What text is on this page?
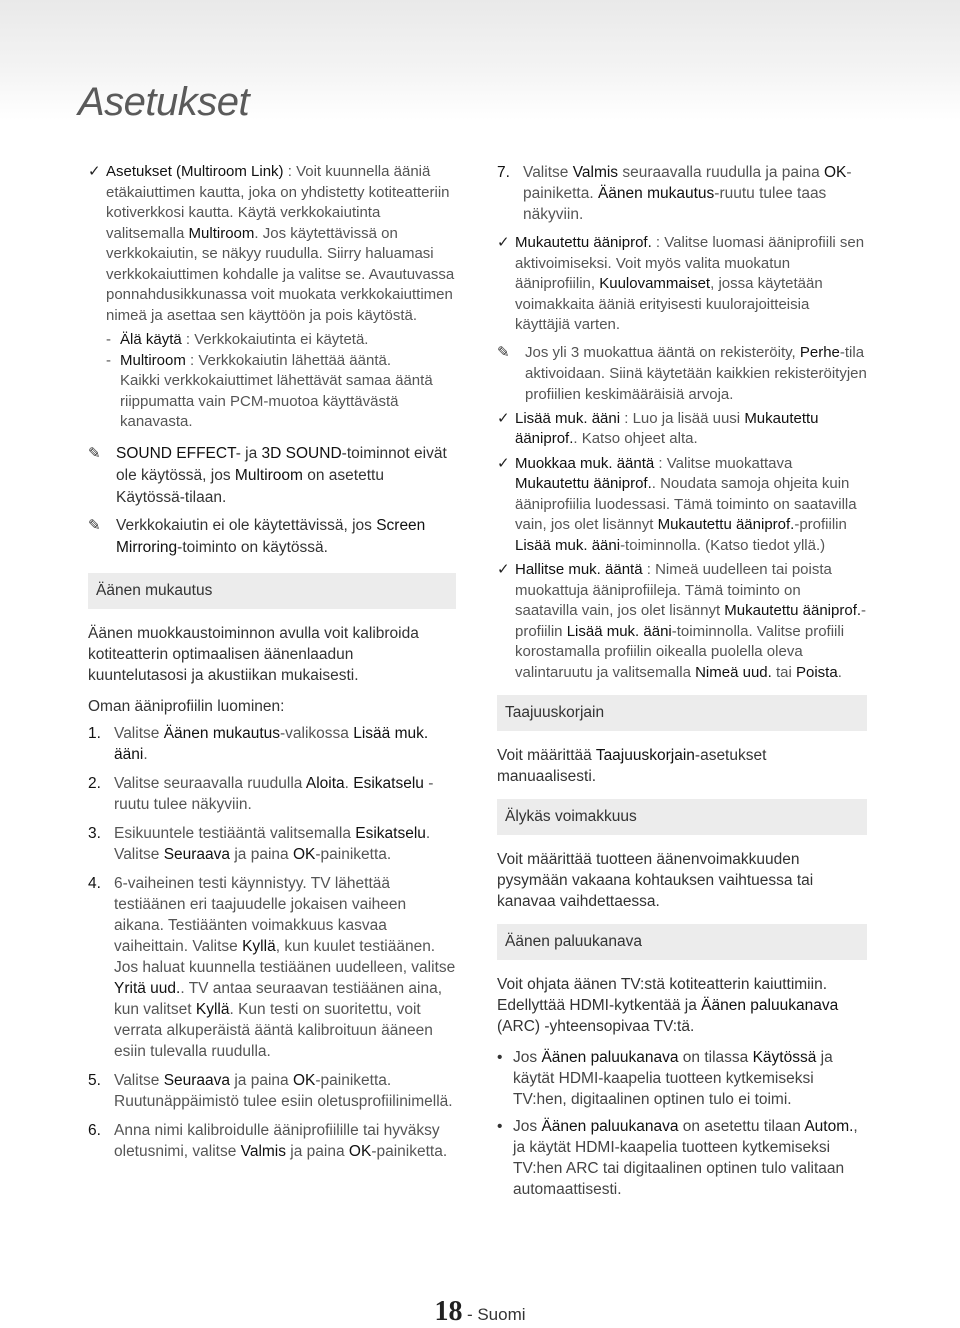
Asetukset
✓ Asetukset (Multiroom Link) : Voit kuunnella ääniä etäkaiuttimen kautta, joka on yhdistetty kotiteatteriin kotiverkkosi kautta. Käytä verkkokaiutinta valitsemalla Multiroom. Jos käytettävissä on verkkokaiutin, se näkyy ruudulla. Siirry haluamasi verkkokaiuttimen kohdalle ja valitse se. Avautuvassa ponnahdusikkunassa voit muokata verkkokaiuttimen nimeä ja asettaa sen käyttöön ja pois käytöstä.
- Älä käytä : Verkkokaiutinta ei käytetä.
- Multiroom : Verkkokaiutin lähettää ääntä.
Kaikki verkkokaiuttimet lähettävät samaa ääntä riippumatta vain PCM-muotoa käyttävästä kanavasta.
✎ SOUND EFFECT- ja 3D SOUND-toiminnot eivät ole käytössä, jos Multiroom on asetettu Käytössä-tilaan.
✎ Verkkokaiutin ei ole käytettävissä, jos Screen Mirroring-toiminto on käytössä.
Äänen mukautus

Äänen muokkaustoiminnon avulla voit kalibroida kotiteatterin optimaalisen äänenlaadun kuuntelutasosi ja akustiikan mukaisesti.

Oman ääniprofiilin luominen:

1. Valitse Äänen mukautus-valikossa Lisää muk. ääni.
2. Valitse seuraavalla ruudulla Aloita. Esikatselu -ruutu tulee näkyviin.
3. Esikuuntele testiääntä valitsemalla Esikatselu. Valitse Seuraava ja paina OK-painiketta.
4. 6-vaiheinen testi käynnistyy. TV lähettää testiäänen eri taajuudelle jokaisen vaiheen aikana. Testiäänten voimakkuus kasvaa vaiheittain. Valitse Kyllä, kun kuulet testiäänen. Jos haluat kuunnella testiäänen uudelleen, valitse Yritä uud.. TV antaa seuraavan testiäänen aina, kun valitset Kyllä. Kun testi on suoritettu, voit verrata alkuperäistä ääntä kalibroituun ääneen esiin tulevalla ruudulla.
5. Valitse Seuraava ja paina OK-painiketta. Ruutunäppäimistö tulee esiin oletusprofiilinimellä.
6. Anna nimi kalibroidulle ääniprofiilille tai hyväksy oletusnimi, valitse Valmis ja paina OK-painiketta.
7. Valitse Valmis seuraavalla ruudulla ja paina OK-painiketta. Äänen mukautus-ruutu tulee taas näkyviin.
✓ Mukautettu ääniprof. : Valitse luomasi ääniprofiili sen aktivoimiseksi. Voit myös valita muokatun ääniprofiilin, Kuulovammaiset, jossa käytetään voimakkaita ääniä erityisesti kuulorajoitteisia käyttäjiä varten.
✎	Jos yli 3 muokattua ääntä on rekisteröity, Perhe-tila aktivoidaan. Siinä käytetään kaikkien rekisteröityjen profiilien keskimääräisiä arvoja.
✓ Lisää muk. ääni : Luo ja lisää uusi Mukautettu ääniprof.. Katso ohjeet alta.
✓ Muokkaa muk. ääntä : Valitse muokattava Mukautettu ääniprof.. Noudata samoja ohjeita kuin ääniprofiilia luodessasi. Tämä toiminto on saatavilla vain, jos olet lisännyt Mukautettu ääniprof.-profiilin Lisää muk. ääni-toiminnolla. (Katso tiedot yllä.)
✓ Hallitse muk. ääntä : Nimeä uudelleen tai poista muokattuja ääniprofiileja. Tämä toiminto on saatavilla vain, jos olet lisännyt Mukautettu ääniprof.-profiilin Lisää muk. ääni-toiminnolla. Valitse profiili korostamalla profiilin oikealla puolella oleva valintaruutu ja valitsemalla Nimeä uud. tai Poista.
Taajuuskorjain

Voit määrittää Taajuuskorjain-asetukset manuaalisesti.

Älykäs voimakkuus

Voit määrittää tuotteen äänenvoimakkuuden pysymään vakaana kohtauksen vaihtuessa tai kanavaa vaihdettaessa.

Äänen paluukanava

Voit ohjata äänen TV:stä kotiteatterin kaiuttimiin. Edellyttää HDMI-kytkentää ja Äänen paluukanava (ARC) -yhteensopivaa TV:tä.

• Jos Äänen paluukanava on tilassa Käytössä ja käytät HDMI-kaapelia tuotteen kytkemiseksi TV:hen, digitaalinen optinen tulo ei toimi.
• Jos Äänen paluukanava on asetettu tilaan Autom., ja käytät HDMI-kaapelia tuotteen kytkemiseksi TV:hen ARC tai digitaalinen optinen tulo valitaan automaattisesti.
18 - Suomi
